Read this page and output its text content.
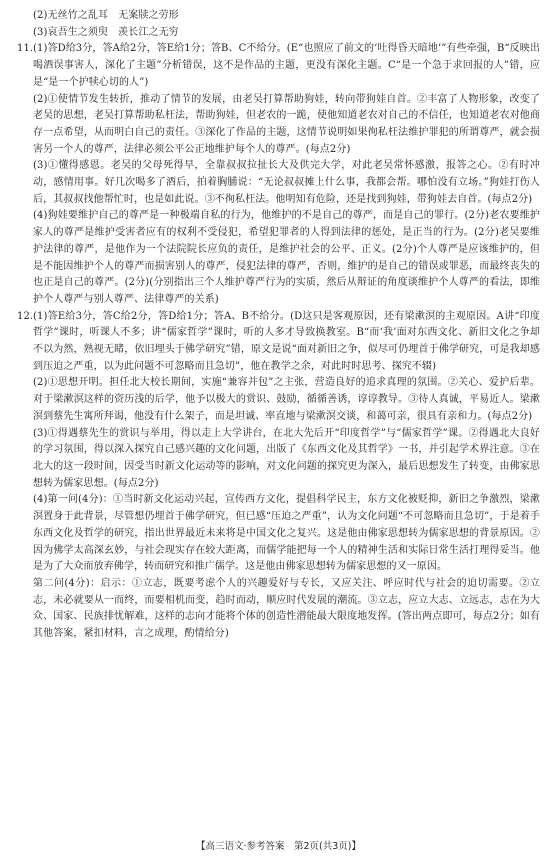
(2)无丝竹之乱耳　无案牍之劳形

(3)哀吾生之须臾　羡长江之无穷

11.(1)答D给3分，答A给2分，答E给1分；答B、C不给分。(E“也照应了前文的‘吐得昏天暗地’”有些牵强，B“反映出喝酒误事害人，深化了主题”分析错误，这不是作品的主题，更没有深化主题。C“是一个急于求回报的人”错，应是“是一个护犊心切的人”)

(2)①使情节发生转折，推动了情节的发展，由老吴打算帮助狗娃，转向带狗娃自首。②丰富了人物形象，改变了老吴的思想，老吴打算帮助私枉法，帮助狗娃，但老农的一跪，使他知道老农对自己的不信任，也知道老农对他商存一点希望，从而明白自己的责任。③深化了作品的主题，这情节说明如果徇私枉法维护罪犯的所谓尊严，就会损害另一个人的尊严，法律必须公平公正地维护每个人的尊严。(每点2分)

(3)①懂得感恩。老吴的父母死得早，全靠叔叔拉扯长大及供完大学，对此老吴常怀感激，报答之心。②有时冲动，感情用事。好几次喝多了酒后，拍着胸脯说：“无论叔叔摊上什么事，我都会帮。哪怕没有立场。”狗娃打伤人后，其叔叔找他帮忙时，也是如此说。③不徇私枉法。他明知有危险，还是找到狗娃，带狗娃去自首。(每点2分)

(4)狗娃要维护自己的尊严是一种极端自私的行为，他维护的不是自己的尊严，而是自己的罪行。(2分)老农要维护家人的尊严是维护受害者应有的权利不受侵犯，希望犯罪者的人得到法律的惩处，是正当的行为。(2分)老吴要维护法律的尊严，是他作为一个法院院长应负的责任，是维护社会的公平、正义。(2分)个人尊严是应该维护的，但是不能因维护个人的尊严而损害别人的尊严，侵犯法律的尊严，否则，维护的是自己的错误或罪恶，而最终丧失的也正是自己的尊严。(2分)(分别指出三个人维护尊严行为的实质，然后从辩证的角度谈维护个人尊严的看法，即维护个人尊严与别人尊严、法律尊严的关系)

12.(1)答E给3分，答C给2分，答D给1分；答A、B不给分。(D这只是客观原因，还有梁漱溟的主观原因。A讲“印度哲学”课时，听课人不多；讲“儒家哲学”课时，听的人多才导致换教室。B“而‘我’面对东西文化、新旧文化之争却不以为然，熟视无睹，依旧埋头于佛学研究”错，原文是说“面对新旧之争，似尽可仍埋首于佛学研究，可是我却感到压迫之严重，以为此问题不可忽略而且急切”，他在教学之余，对此时时思考、探究不辍)

(2)①思想开明。担任北大校长期间，实施“兼容并包”之主张，营造良好的追求真理的氛围。②关心、爱护后辈。对于梁漱溟这样的资历浅的后学，他予以极大的赏识、鼓励，循循善诱，谆谆教导。③待人真诚，平易近人。梁漱溟到蔡先生寓所拜谒，他没有什么架子，而是坦诚、率直地与梁漱溟交谈，和蔼可亲，很具有亲和力。(每点2分)

(3)①得遇蔡先生的赏识与举用，得以走上大学讲台，在北大先后开“印度哲学”与“儒家哲学”课。②得遇北大良好的学习氛围，得以深入探究自己感兴趣的文化问题，出版了《东西文化及其哲学》一书，并引起学术界注意。③在北大的这一段时间，因受当时新文化运动等的影响，对文化问题的探究更为深入，最后思想发生了转变，由佛家思想转为儒家思想。(每点2分)

(4)第一问(4分)：①当时新文化运动兴起，宣传西方文化，提倡科学民主，东方文化被贬抑，新旧之争激烈，梁漱溟置身于此背景，尽管想仍埋首于佛学研究，但已感“压迫之严重”，认为文化问题“不可忽略而且急切”，于是着手东西文化及哲学的研究，指出世界最近未来将是中国文化之复兴。这是他由佛家思想转为儒家思想的背景原因。②因为佛学太高深玄妙，与社会现实存在较大距离，而儒学能把每一个人的精神生活和实际日常生活打理得妥当。他是为了大众而放弃佛学，转而研究和推广儒学。这是他由佛家思想转为儒家思想的又一原因。

第二问(4分)：启示：①立志，既要考虑个人的兴趣爱好与专长，又应关注、呼应时代与社会的迫切需要。②立志，未必就要从一而终，而要相机而变，趋时而动，顺应时代发展的潮流。③立志，应立大志、立远志，志在为大众、国家、民族排忧解难，这样的志向才能将个体的创造性潜能最大限度地发挥。(答出两点即可，每点2分；如有其他答案，紧扣材料，言之成理，酌情给分)

【高三语文·参考答案　第2页(共3页)】
